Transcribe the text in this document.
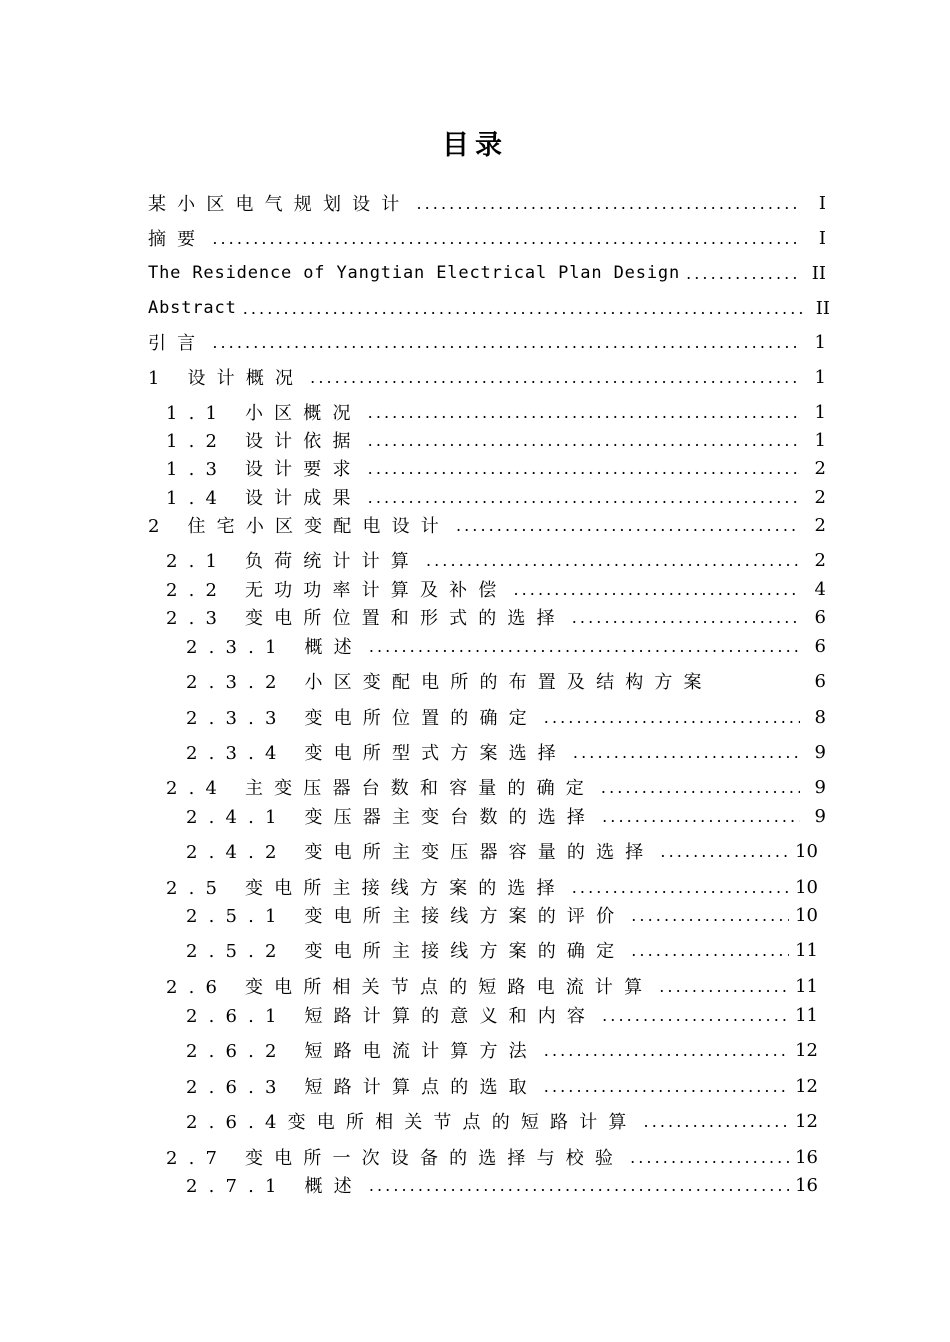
目录
某小区电气规划设计 . . .	I
摘要 . . .	I
The Residence of Yangtian Electrical Plan Design . . .	II
Abstract . . .	II
引言 . . .	1
1 设计概况 . . .	1
1.1 小区概况 . . .	1
1.2 设计依据 . . .	1
1.3 设计要求 . . .	2
1.4 设计成果 . . .	2
2 住宅小区变配电设计 . . .	2
2.1 负荷统计计算 . . .	2
2.2 无功功率计算及补偿 . . .	4
2.3 变电所位置和形式的选择 . . .	6
2.3.1 概述 . . .	6
2.3.2 小区变配电所的布置及结构方案	6
2.3.3 变电所位置的确定 . . .	8
2.3.4 变电所型式方案选择 . . .	9
2.4 主变压器台数和容量的确定 . . .	9
2.4.1 变压器主变台数的选择 . . .	9
2.4.2 变电所主变压器容量的选择 . . .	10
2.5 变电所主接线方案的选择 . . .	10
2.5.1 变电所主接线方案的评价 . . .	10
2.5.2 变电所主接线方案的确定 . . .	11
2.6 变电所相关节点的短路电流计算 . . .	11
2.6.1 短路计算的意义和内容 . . .	11
2.6.2 短路电流计算方法 . . .	12
2.6.3 短路计算点的选取 . . .	12
2.6.4变电所相关节点的短路计算 . . .	12
2.7 变电所一次设备的选择与校验 . . .	16
2.7.1 概述 . . .	16
